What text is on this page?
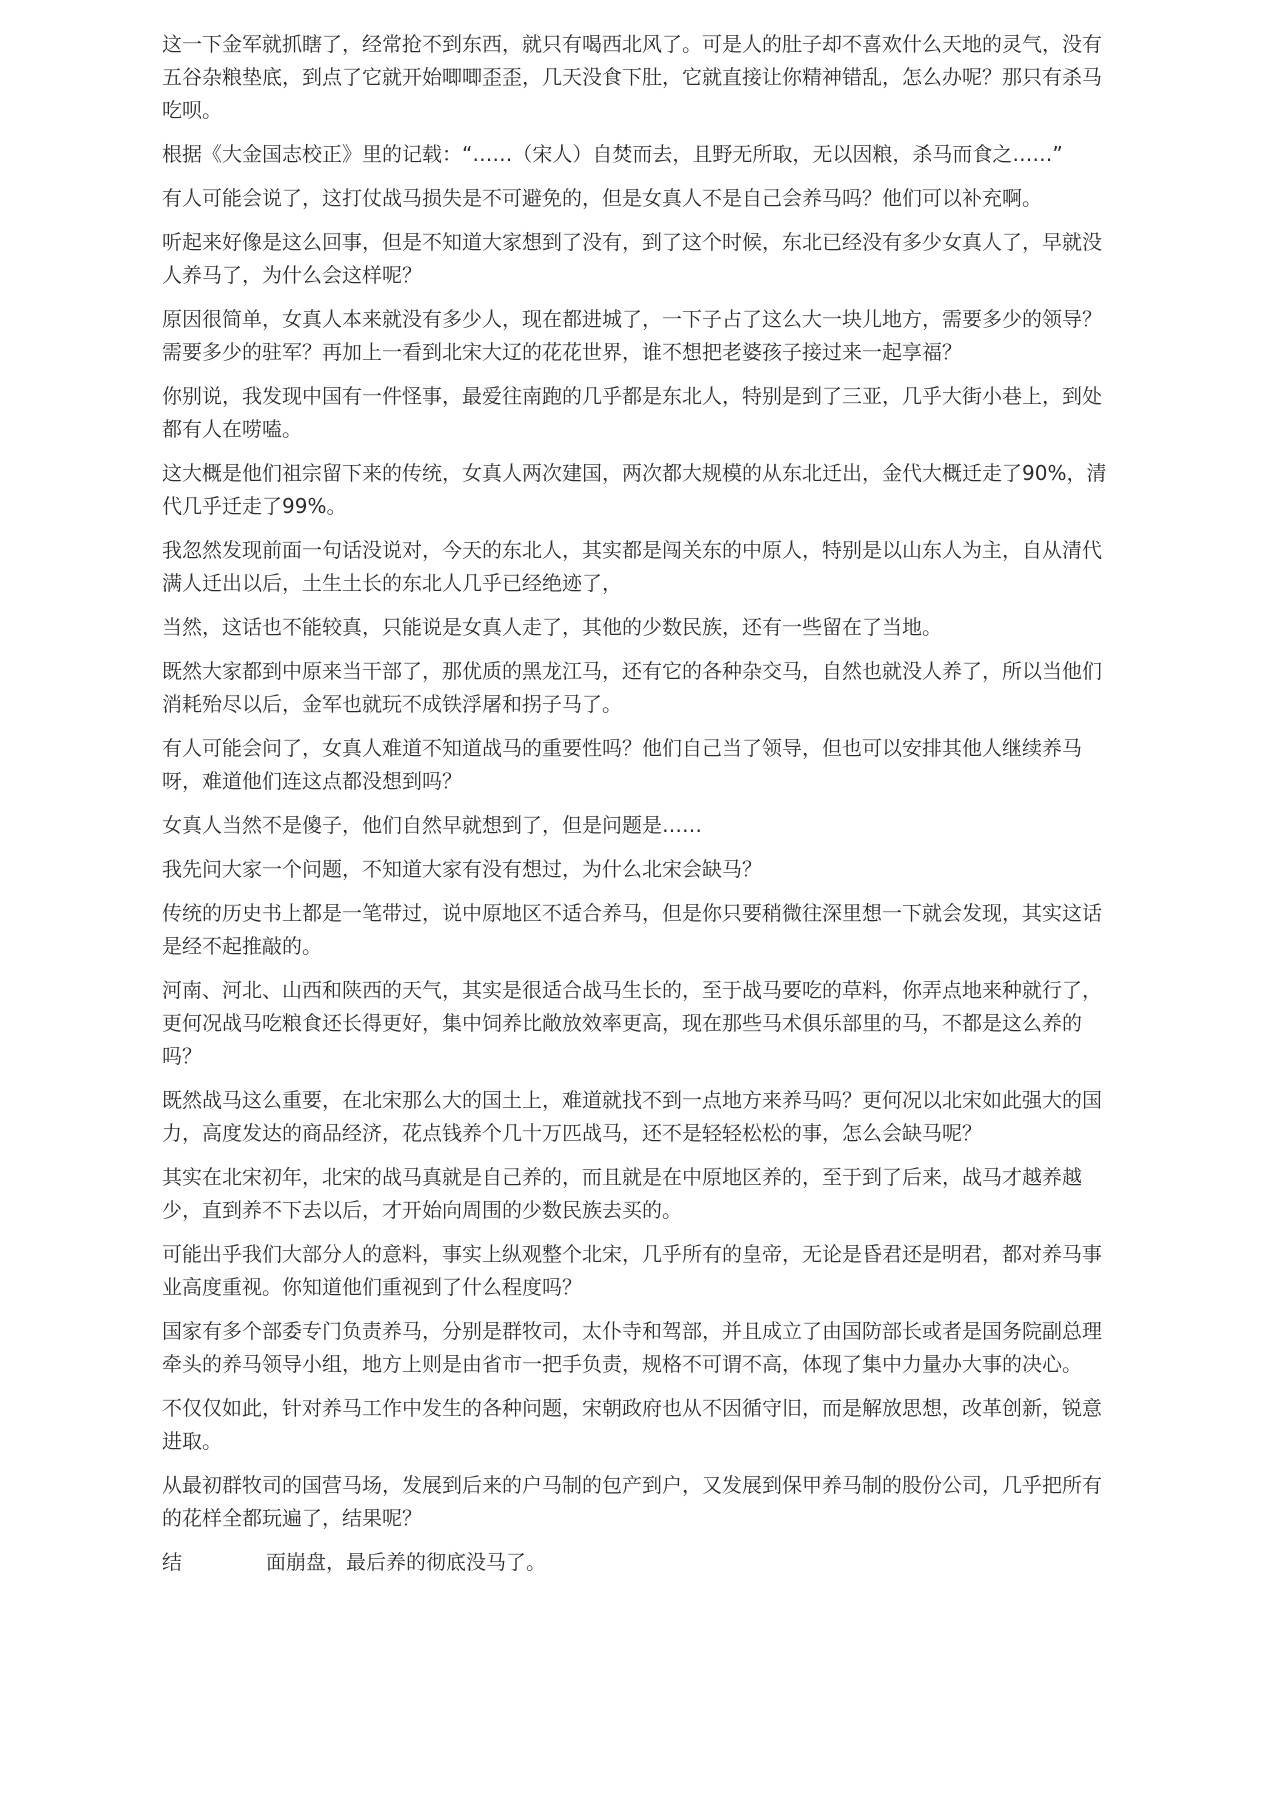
这一下金军就抓瞎了，经常抢不到东西，就只有喝西北风了。可是人的肚子却不喜欢什么天地的灵气，没有五谷杂粮垫底，到点了它就开始唧唧歪歪，几天没食下肚，它就直接让你精神错乱，怎么办呢？那只有杀马吃呗。

根据《大金国志校正》里的记载：“……（宋人）自焚而去，且野无所取，无以因粮，杀马而食之……”

有人可能会说了，这打仗战马损失是不可避免的，但是女真人不是自己会养马吗？他们可以补充啊。

听起来好像是这么回事，但是不知道大家想到了没有，到了这个时候，东北已经没有多少女真人了，早就没人养马了，为什么会这样呢？

原因很简单，女真人本来就没有多少人，现在都进城了，一下子占了这么大一块儿地方，需要多少的领导？需要多少的驻军？再加上一看到北宋大辽的花花世界，谁不想把老婆孩子接过来一起享福？

你别说，我发现中国有一件怪事，最爱往南跑的几乎都是东北人，特别是到了三亚，几乎大街小巷上，到处都有人在唠嗑。

这大概是他们祖宗留下来的传统，女真人两次建国，两次都大规模的从东北迁出，金代大概迁走了90%，清代几乎迁走了99%。

我忽然发现前面一句话没说对，今天的东北人，其实都是闯关东的中原人，特别是以山东人为主，自从清代满人迁出以后，土生土长的东北人几乎已经绝迹了，

当然，这话也不能较真，只能说是女真人走了，其他的少数民族，还有一些留在了当地。

既然大家都到中原来当干部了，那优质的黑龙江马，还有它的各种杂交马，自然也就没人养了，所以当他们消耗殆尽以后，金军也就玩不成铁浮屠和拐子马了。

有人可能会问了，女真人难道不知道战马的重要性吗？他们自己当了领导，但也可以安排其他人继续养马呀，难道他们连这点都没想到吗？

女真人当然不是傻子，他们自然早就想到了，但是问题是……

我先问大家一个问题，不知道大家有没有想过，为什么北宋会缺马？

传统的历史书上都是一笔带过，说中原地区不适合养马，但是你只要稍微往深里想一下就会发现，其实这话是经不起推敲的。

河南、河北、山西和陕西的天气，其实是很适合战马生长的，至于战马要吃的草料，你弄点地来种就行了，更何况战马吃粮食还长得更好，集中饲养比敞放效率更高，现在那些马术俱乐部里的马，不都是这么养的吗？

既然战马这么重要，在北宋那么大的国土上，难道就找不到一点地方来养马吗？更何况以北宋如此强大的国力，高度发达的商品经济，花点钱养个几十万匹战马，还不是轻轻松松的事，怎么会缺马呢？

其实在北宋初年，北宋的战马真就是自己养的，而且就是在中原地区养的，至于到了后来，战马才越养越少，直到养不下去以后，才开始向周围的少数民族去买的。

可能出乎我们大部分人的意料，事实上纵观整个北宋，几乎所有的皇帝，无论是昏君还是明君，都对养马事业高度重视。你知道他们重视到了什么程度吗？

国家有多个部委专门负责养马，分别是群牧司，太仆寺和驾部，并且成立了由国防部长或者是国务院副总理牵头的养马领导小组，地方上则是由省市一把手负责，规格不可谓不高，体现了集中力量办大事的决心。

不仅仅如此，针对养马工作中发生的各种问题，宋朝政府也从不因循守旧，而是解放思想，改革创新，锐意进取。

从最初群牧司的国营马场，发展到后来的户马制的包产到户，又发展到保甲养马制的股份公司，几乎把所有的花样全都玩遍了，结果呢？

结	面崩盘，最后养的彻底没马了。
